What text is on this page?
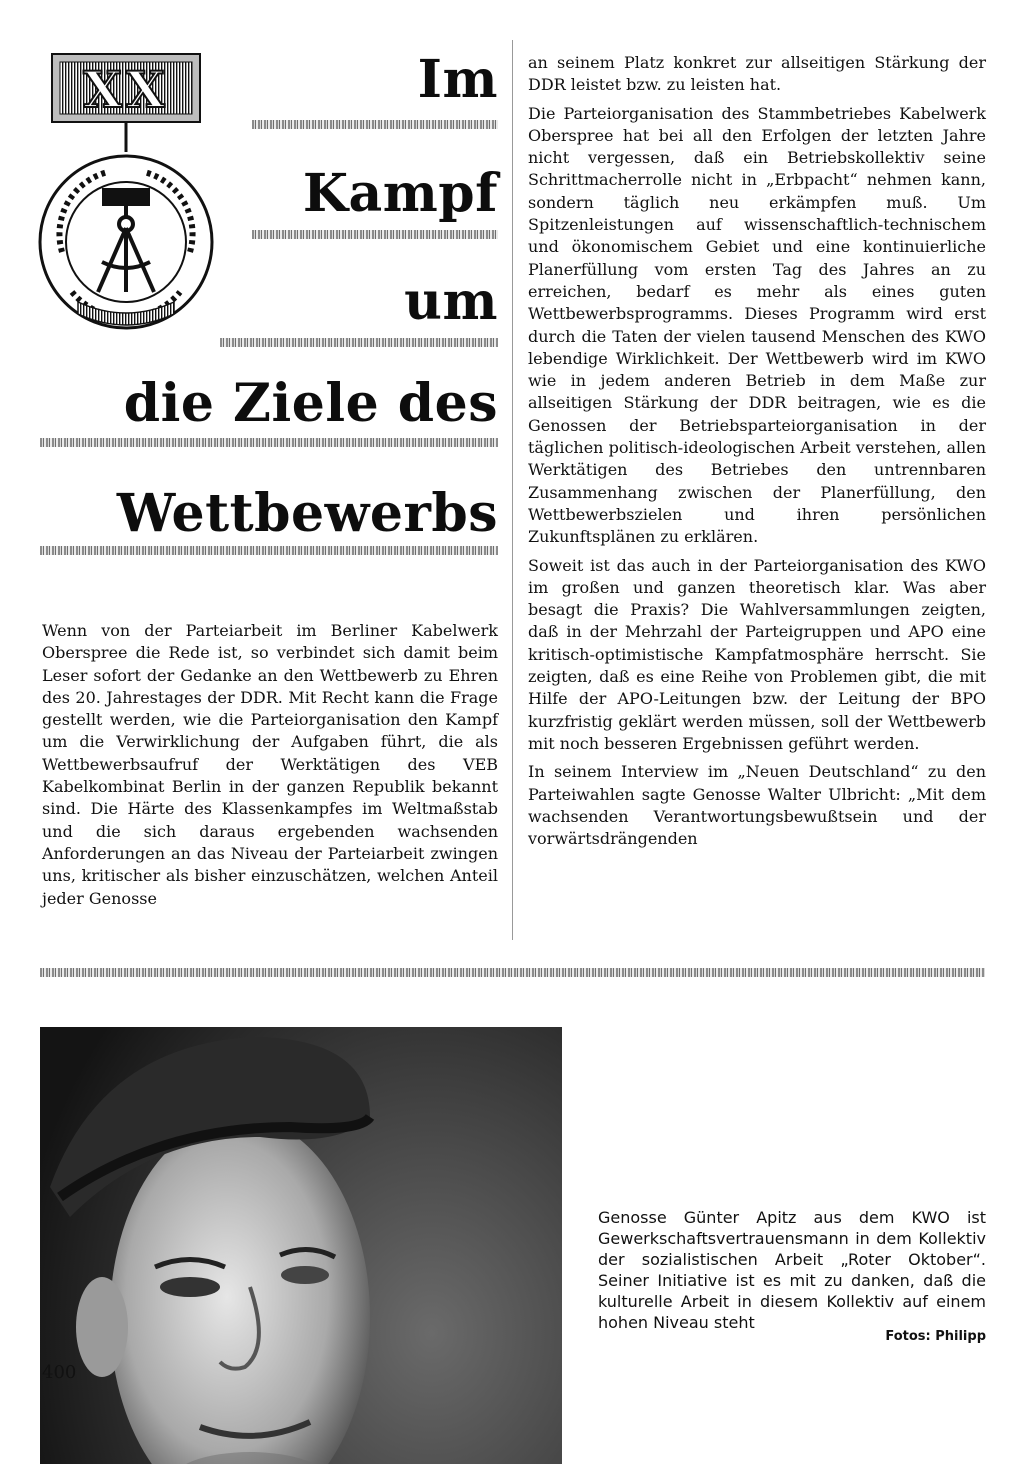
XX	Im
Kampf
um
die Ziele des
Wettbewerbs

Wenn von der Parteiarbeit im Berliner Kabelwerk Oberspree die Rede ist, so verbindet sich damit beim Leser sofort der Gedanke an den Wettbewerb zu Ehren des 20. Jahrestages der DDR. Mit Recht kann die Frage gestellt werden, wie die Parteiorganisation den Kampf um die Verwirklichung der Aufgaben führt, die als Wettbewerbsaufruf der Werktätigen des VEB Kabelkombinat Berlin in der ganzen Republik bekannt sind. Die Härte des Klassenkampfes im Weltmaßstab und die sich daraus ergebenden wachsenden Anforderungen an das Niveau der Parteiarbeit zwingen uns, kritischer als bisher einzuschätzen, welchen Anteil jeder Genosse

an seinem Platz konkret zur allseitigen Stärkung der DDR leistet bzw. zu leisten hat.

Die Parteiorganisation des Stammbetriebes Kabelwerk Oberspree hat bei all den Erfolgen der letzten Jahre nicht vergessen, daß ein Betriebskollektiv seine Schrittmacherrolle nicht in „Erbpacht“ nehmen kann, sondern täglich neu erkämpfen muß. Um Spitzenleistungen auf wissenschaftlich-technischem und ökonomischem Gebiet und eine kontinuierliche Planerfüllung vom ersten Tag des Jahres an zu erreichen, bedarf es mehr als eines guten Wettbewerbsprogramms. Dieses Programm wird erst durch die Taten der vielen tausend Menschen des KWO lebendige Wirklichkeit. Der Wettbewerb wird im KWO wie in jedem anderen Betrieb in dem Maße zur allseitigen Stärkung der DDR beitragen, wie es die Genossen der Betriebsparteiorganisation in der täglichen politisch-ideologischen Arbeit verstehen, allen Werktätigen des Betriebes den untrennbaren Zusammenhang zwischen der Planerfüllung, den Wettbewerbszielen und ihren persönlichen Zukunftsplänen zu erklären.

Soweit ist das auch in der Parteiorganisation des KWO im großen und ganzen theoretisch klar. Was aber besagt die Praxis? Die Wahlversammlungen zeigten, daß in der Mehrzahl der Parteigruppen und APO eine kritisch-optimistische Kampfatmosphäre herrscht. Sie zeigten, daß es eine Reihe von Problemen gibt, die mit Hilfe der APO-Leitungen bzw. der Leitung der BPO kurzfristig geklärt werden müssen, soll der Wettbewerb mit noch besseren Ergebnissen geführt werden.

In seinem Interview im „Neuen Deutschland“ zu den Parteiwahlen sagte Genosse Walter Ulbricht: „Mit dem wachsenden Verantwortungsbewußtsein und der vorwärtsdrängenden

Genosse Günter Apitz aus dem KWO ist Gewerkschaftsvertrauensmann in dem Kollektiv der sozialistischen Arbeit „Roter Oktober“. Seiner Initiative ist es mit zu danken, daß die kulturelle Arbeit in diesem Kollektiv auf einem hohen Niveau steht
Fotos: Philipp
400
